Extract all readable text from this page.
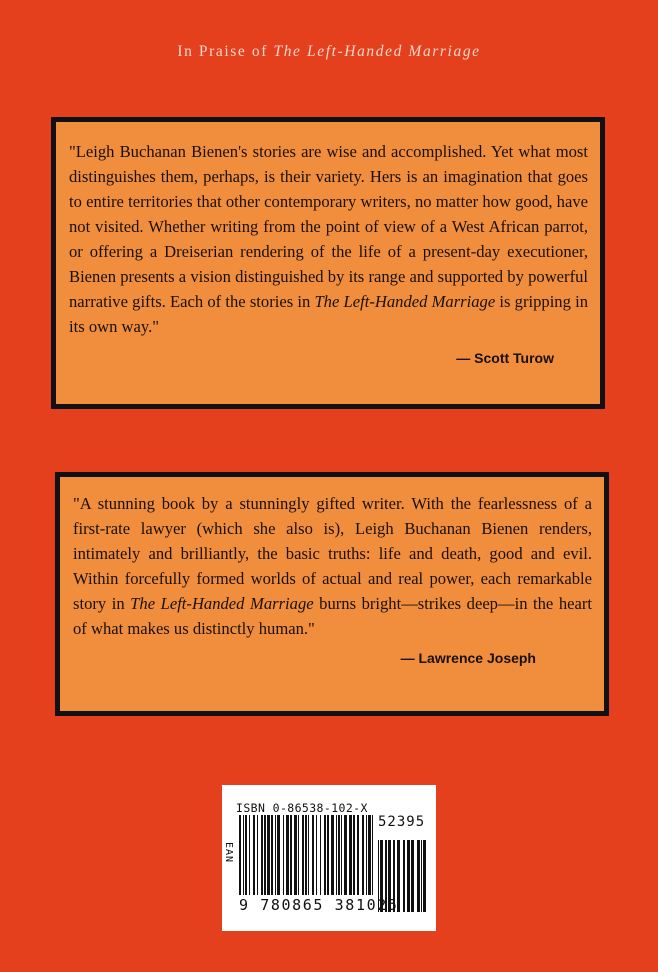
In Praise of The Left-Handed Marriage

"Leigh Buchanan Bienen's stories are wise and accomplished. Yet what most distinguishes them, perhaps, is their variety. Hers is an imagination that goes to entire territories that other contemporary writers, no matter how good, have not visited. Whether writing from the point of view of a West African parrot, or offering a Dreiserian rendering of the life of a present-day executioner, Bienen presents a vision distinguished by its range and supported by powerful narrative gifts. Each of the stories in The Left-Handed Marriage is gripping in its own way."

— Scott Turow

"A stunning book by a stunningly gifted writer. With the fearlessness of a first-rate lawyer (which she also is), Leigh Buchanan Bienen renders, intimately and brilliantly, the basic truths: life and death, good and evil. Within forcefully formed worlds of actual and real power, each remarkable story in The Left-Handed Marriage burns bright—strikes deep—in the heart of what makes us distinctly human."

— Lawrence Joseph
ISBN 0-86538-102-X
EAN
52395
9 780865 381025
